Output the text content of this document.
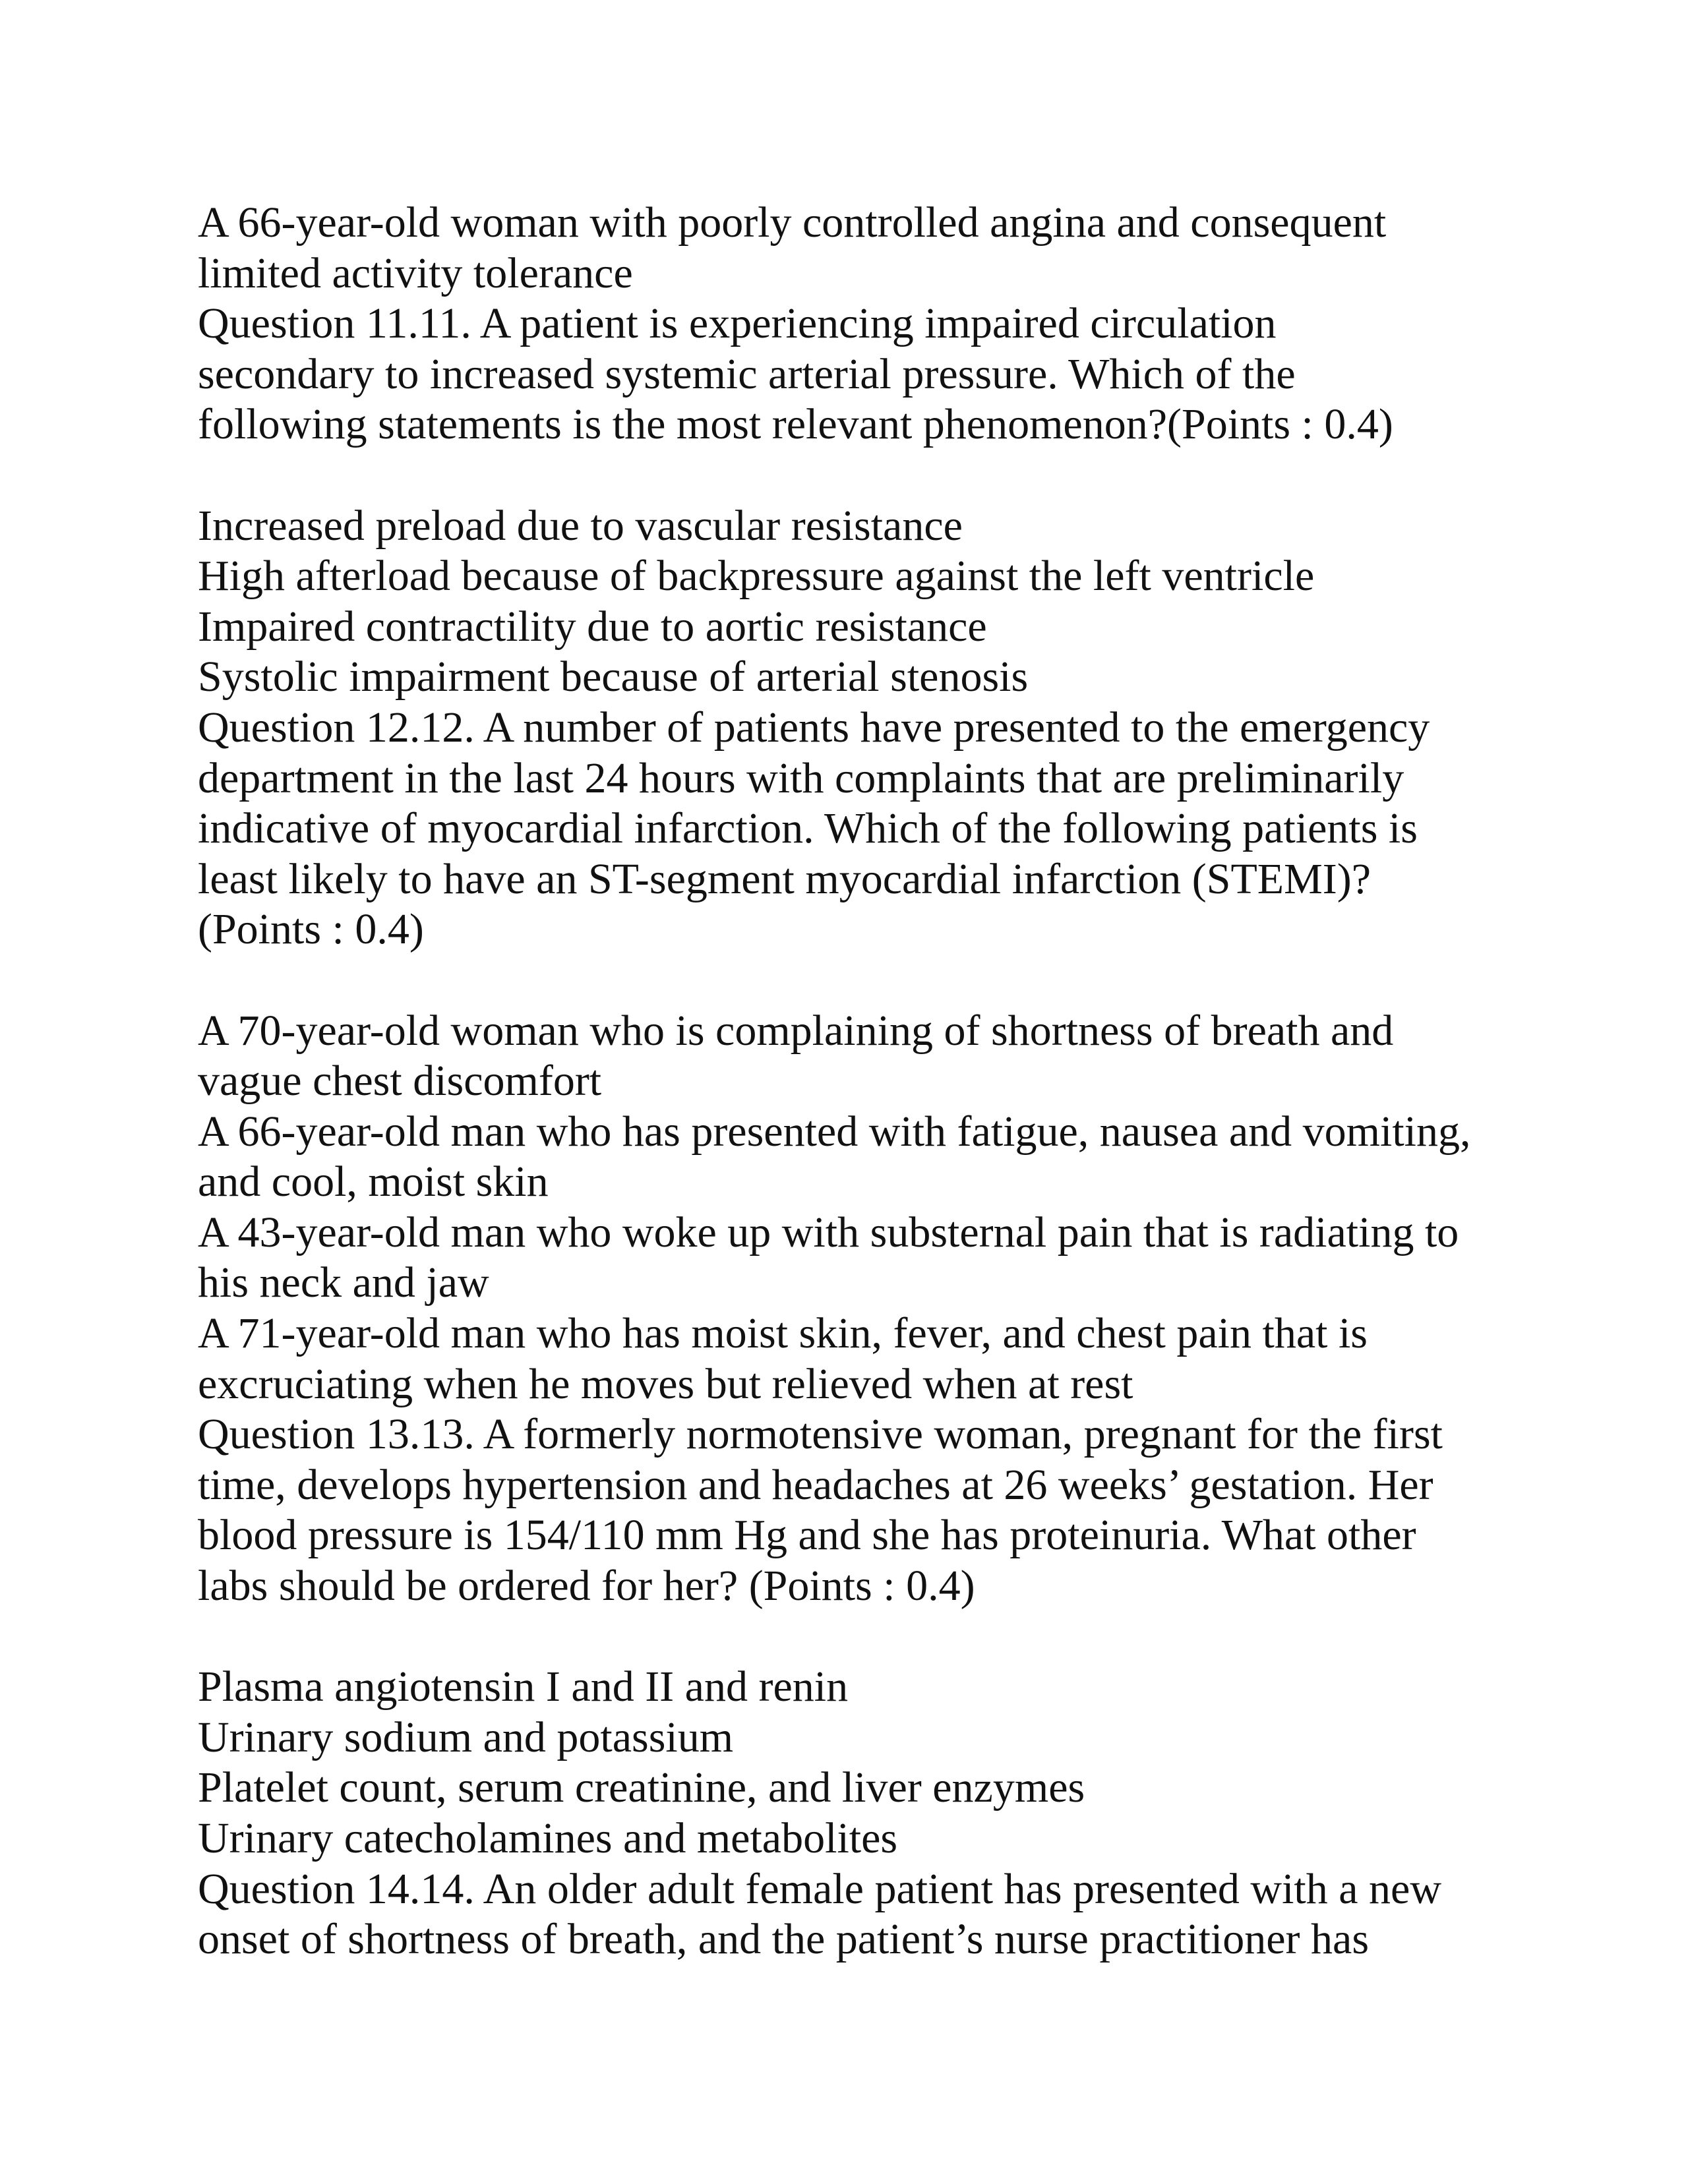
A 66-year-old woman with poorly controlled angina and consequent
limited activity tolerance
Question 11.11. A patient is experiencing impaired circulation
secondary to increased systemic arterial pressure. Which of the
following statements is the most relevant phenomenon?(Points : 0.4)
Increased preload due to vascular resistance
High afterload because of backpressure against the left ventricle
Impaired contractility due to aortic resistance
Systolic impairment because of arterial stenosis
Question 12.12. A number of patients have presented to the emergency
department in the last 24 hours with complaints that are preliminarily
indicative of myocardial infarction. Which of the following patients is
least likely to have an ST-segment myocardial infarction (STEMI)?
(Points : 0.4)
A 70-year-old woman who is complaining of shortness of breath and
vague chest discomfort
A 66-year-old man who has presented with fatigue, nausea and vomiting,
and cool, moist skin
A 43-year-old man who woke up with substernal pain that is radiating to
his neck and jaw
A 71-year-old man who has moist skin, fever, and chest pain that is
excruciating when he moves but relieved when at rest
Question 13.13. A formerly normotensive woman, pregnant for the first
time, develops hypertension and headaches at 26 weeks’ gestation. Her
blood pressure is 154/110 mm Hg and she has proteinuria. What other
labs should be ordered for her? (Points : 0.4)
Plasma angiotensin I and II and renin
Urinary sodium and potassium
Platelet count, serum creatinine, and liver enzymes
Urinary catecholamines and metabolites
Question 14.14. An older adult female patient has presented with a new
onset of shortness of breath, and the patient’s nurse practitioner has
